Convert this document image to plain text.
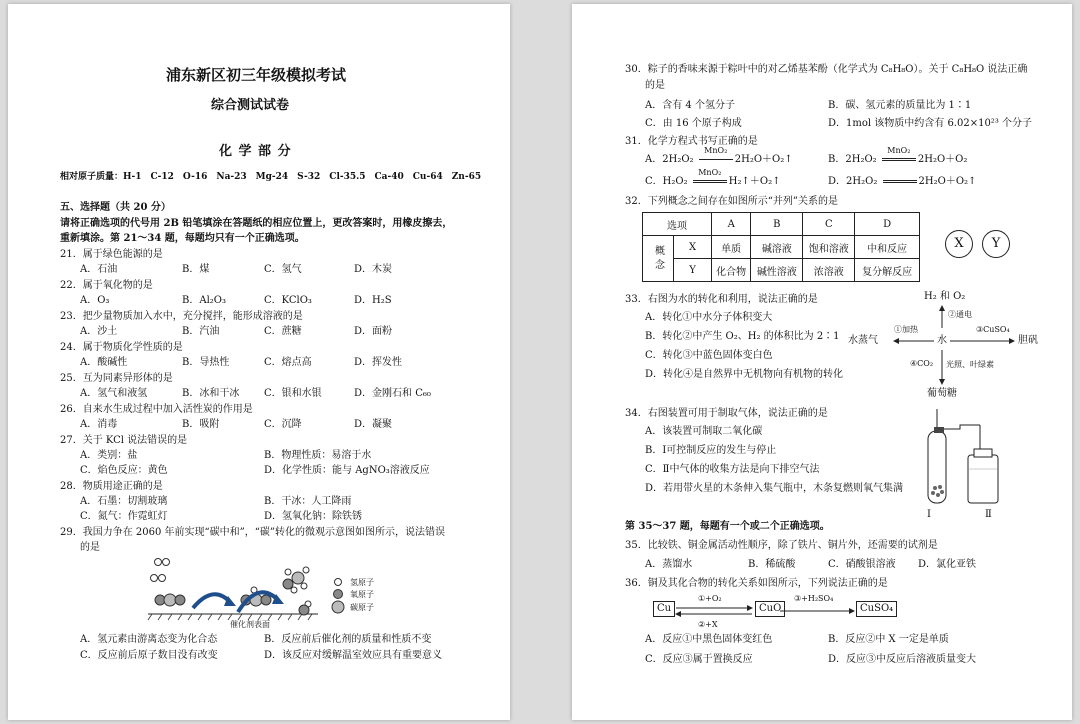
浦东新区初三年级模拟考试
综合测试试卷
化 学 部 分
相对原子质量：H-1　C-12　O-16　Na-23　Mg-24　S-32　Cl-35.5　Ca-40　Cu-64　Zn-65
五、选择题（共 20 分）
请将正确选项的代号用 2B 铅笔填涂在答题纸的相应位置上，更改答案时，用橡皮擦去，
重新填涂。第 21～34 题，每题均只有一个正确选项。
21．属于绿色能源的是
A．石油	B．煤	C．氢气	D．木炭
22．属于氧化物的是
A．O₃	B．Al₂O₃	C．KClO₃	D．H₂S
23．把少量物质加入水中，充分搅拌，能形成溶液的是
A．沙土	B．汽油	C．蔗糖	D．面粉
24．属于物质化学性质的是
A．酸碱性	B．导热性	C．熔点高	D．挥发性
25．互为同素异形体的是
A．氢气和液氢	B．冰和干冰 C．银和水银	D．金刚石和 C₆₀
26．自来水生成过程中加入活性炭的作用是
A．消毒	B．吸附	C．沉降	D．凝聚
27．关于 KCl 说法错误的是
A．类别：盐	B．物理性质：易溶于水
C．焰色反应：黄色	D．化学性质：能与 AgNO₃溶液反应
28．物质用途正确的是
A．石墨：切割玻璃	B．干冰：人工降雨
C．氮气：作霓虹灯	D．氢氧化钠：除铁锈
29．我国力争在 2060 年前实现“碳中和”，“碳”转化的微观示意图如图所示，说法错误
的是
氢原子
氧原子
碳原子
催化剂表面
A．氢元素由游离态变为化合态	B．反应前后催化剂的质量和性质不变
C．反应前后原子数目没有改变	D．该反应对缓解温室效应具有重要意义
30．粽子的香味来源于粽叶中的对乙烯基苯酚（化学式为 C₈H₈O）。关于 C₈H₈O 说法正确
的是
A．含有 4 个氢分子	B．碳、氢元素的质量比为 1∶1
C．由 16 个原子构成	D．1mol 该物质中约含有 6.02×10²³ 个分子
31．化学方程式书写正确的是
A．2H₂O₂
MnO₂
2H₂O＋O₂↑	B．2H₂O₂
MnO₂
2H₂O＋O₂
C．H₂O₂
MnO₂
H₂↑＋O₂↑	D．2H₂O₂	2H₂O＋O₂↑
32．下列概念之间存在如图所示“并列”关系的是
选项		A	B	C	D
概念	X	单质	碱溶液	饱和溶液	中和反应
	Y	化合物	碱性溶液	浓溶液	复分解反应
X	Y
33．右图为水的转化和利用，说法正确的是
A．转化①中水分子体积变大
B．转化②中产生 O₂、H₂ 的体积比为 2∶1
C．转化③中蓝色固体变白色
D．转化④是自然界中无机物向有机物的转化
H₂ 和 O₂
水
水蒸气	胆矾
葡萄糖
①加热
②通电
③CuSO₄
④CO₂ 光照、叶绿素
34．右图装置可用于制取气体，说法正确的是
A．该装置可制取二氧化碳
B．Ⅰ可控制反应的发生与停止
C．Ⅱ中气体的收集方法是向下排空气法
D．若用带火星的木条伸入集气瓶中，木条复燃则氧气集满
Ⅰ	Ⅱ
第 35～37 题，每题有一个或二个正确选项。
35．比较铁、铜金属活动性顺序，除了铁片、铜片外，还需要的试剂是
A．蒸馏水	B．稀硫酸	C．硝酸银溶液 D．氯化亚铁
36．铜及其化合物的转化关系如图所示，下列说法正确的是
Cu	CuO	CuSO₄
①+O₂
②+X
③+H₂SO₄
A．反应①中黑色固体变红色	B．反应②中 X 一定是单质
C．反应③属于置换反应	D．反应③中反应后溶液质量变大
